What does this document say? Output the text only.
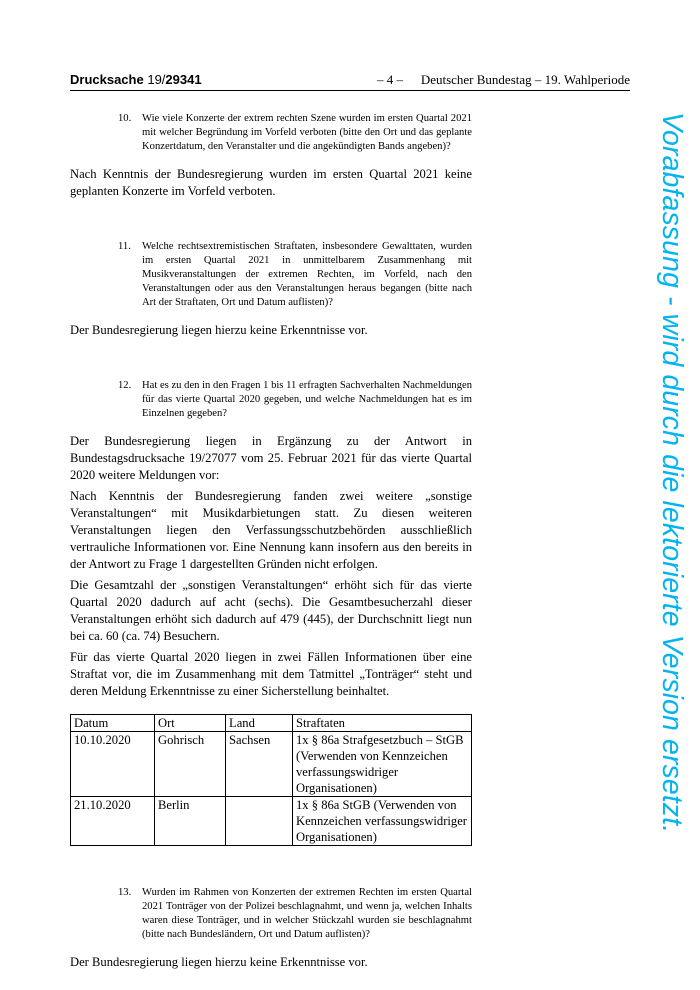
Drucksache 19/29341	– 4 –	Deutscher Bundestag – 19. Wahlperiode
10. Wie viele Konzerte der extrem rechten Szene wurden im ersten Quartal 2021 mit welcher Begründung im Vorfeld verboten (bitte den Ort und das geplante Konzertdatum, den Veranstalter und die angekündigten Bands angeben)?

Nach Kenntnis der Bundesregierung wurden im ersten Quartal 2021 keine geplanten Konzerte im Vorfeld verboten.

11. Welche rechtsextremistischen Straftaten, insbesondere Gewalttaten, wurden im ersten Quartal 2021 in unmittelbarem Zusammenhang mit Musikveranstaltungen der extremen Rechten, im Vorfeld, nach den Veranstaltungen oder aus den Veranstaltungen heraus begangen (bitte nach Art der Straftaten, Ort und Datum auflisten)?

Der Bundesregierung liegen hierzu keine Erkenntnisse vor.

12. Hat es zu den in den Fragen 1 bis 11 erfragten Sachverhalten Nachmeldungen für das vierte Quartal 2020 gegeben, und welche Nachmeldungen hat es im Einzelnen gegeben?

Der Bundesregierung liegen in Ergänzung zu der Antwort in Bundestagsdrucksache 19/27077 vom 25. Februar 2021 für das vierte Quartal 2020 weitere Meldungen vor:

Nach Kenntnis der Bundesregierung fanden zwei weitere „sonstige Veranstaltungen“ mit Musikdarbietungen statt. Zu diesen weiteren Veranstaltungen liegen den Verfassungsschutzbehörden ausschließlich vertrauliche Informationen vor. Eine Nennung kann insofern aus den bereits in der Antwort zu Frage 1 dargestellten Gründen nicht erfolgen.

Die Gesamtzahl der „sonstigen Veranstaltungen“ erhöht sich für das vierte Quartal 2020 dadurch auf acht (sechs). Die Gesamtbesucherzahl dieser Veranstaltungen erhöht sich dadurch auf 479 (445), der Durchschnitt liegt nun bei ca. 60 (ca. 74) Besuchern.

Für das vierte Quartal 2020 liegen in zwei Fällen Informationen über eine Straftat vor, die im Zusammenhang mit dem Tatmittel „Tonträger“ steht und deren Meldung Erkenntnisse zu einer Sicherstellung beinhaltet.

Datum	Ort	Land	Straftaten
10.10.2020	Gohrisch	Sachsen	1x § 86a Strafgesetzbuch – StGB (Verwenden von Kennzeichen verfassungswidriger Organisationen)
21.10.2020	Berlin		1x § 86a StGB (Verwenden von Kennzeichen verfassungswidriger Organisationen)
13. Wurden im Rahmen von Konzerten der extremen Rechten im ersten Quartal 2021 Tonträger von der Polizei beschlagnahmt, und wenn ja, welchen Inhalts waren diese Tonträger, und in welcher Stückzahl wurden sie beschlagnahmt (bitte nach Bundesländern, Ort und Datum auflisten)?

Der Bundesregierung liegen hierzu keine Erkenntnisse vor.

Vorabfassung - wird durch die lektorierte Version ersetzt.
